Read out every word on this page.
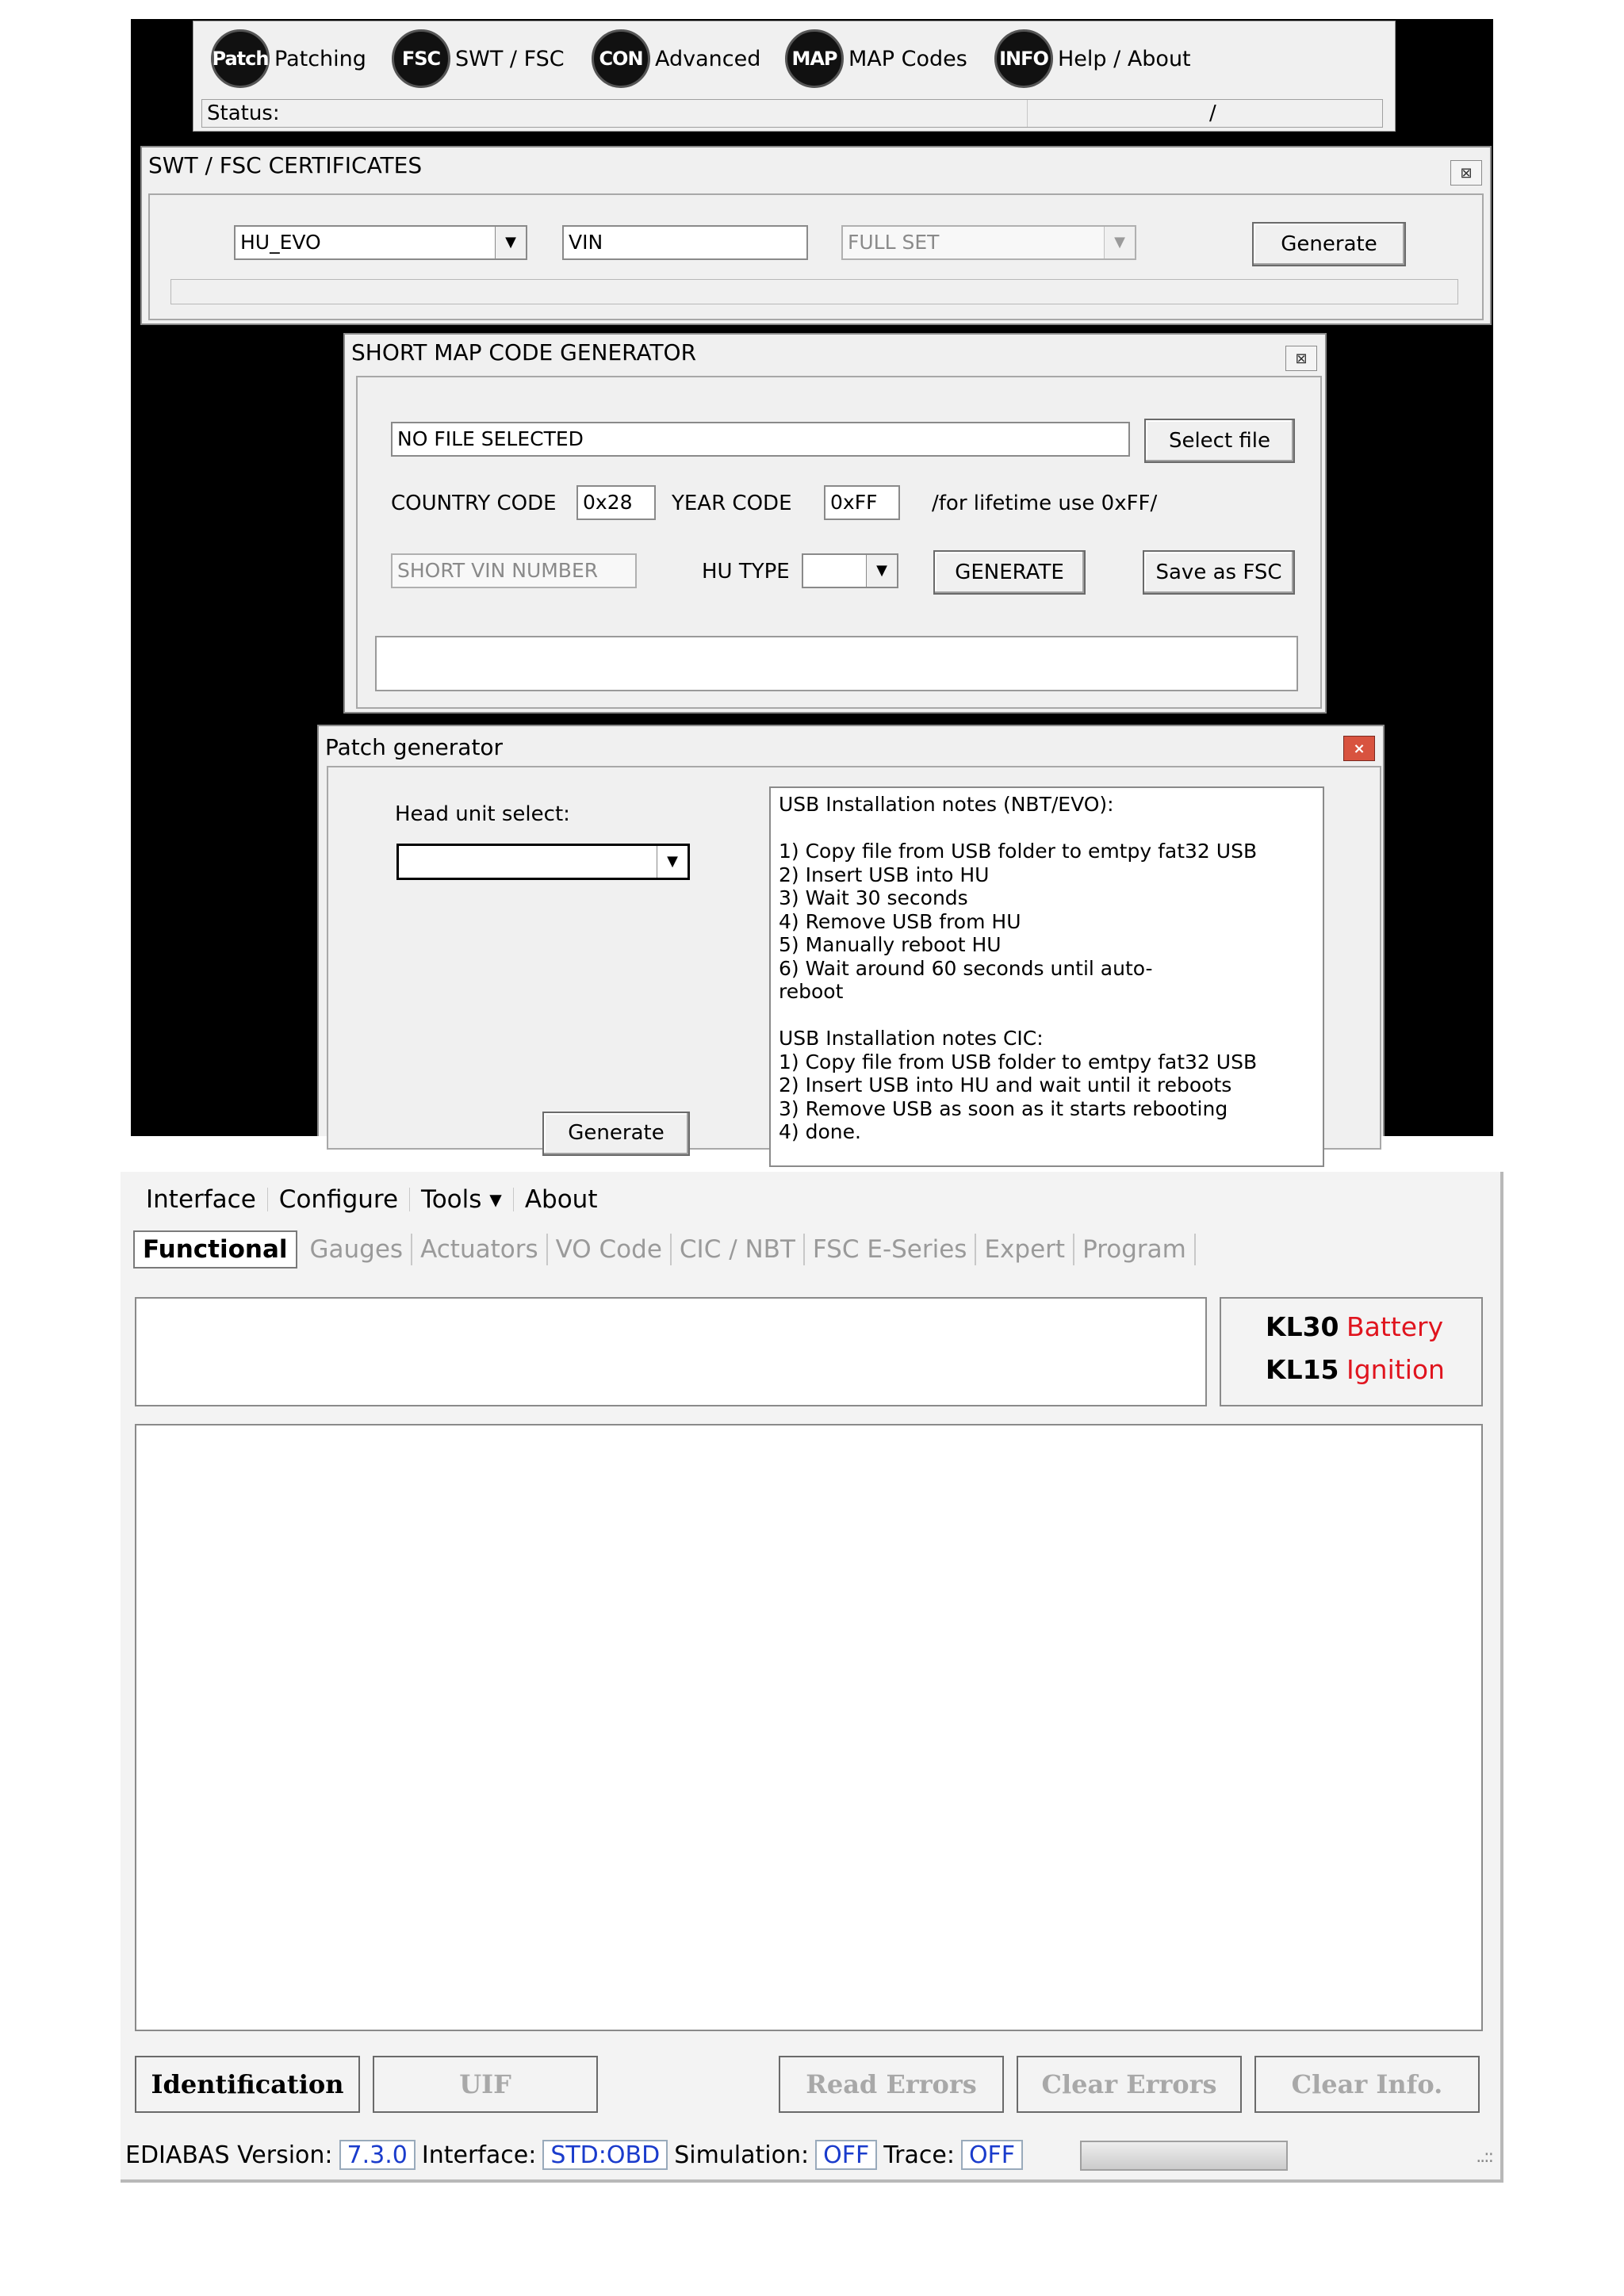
Patch Patching	FSC SWT / FSC	CON Advanced	MAP MAP Codes INFO Help / About
Status:	/
SWT / FSC CERTIFICATES	⊠
HU_EVO	▼	VIN	FULL SET	▼	Generate
SHORT MAP CODE GENERATOR	⊠
NO FILE SELECTED	Select file
COUNTRY CODE	0x28	YEAR CODE	0xFF	/for lifetime use 0xFF/
SHORT VIN NUMBER	HU TYPE	▼	GENERATE	Save as FSC
Patch generator	×
Head unit select:
▼
Generate
USB Installation notes (NBT/EVO):

1) Copy file from USB folder to emtpy fat32 USB
2) Insert USB into HU
3) Wait 30 seconds
4) Remove USB from HU
5) Manually reboot HU
6) Wait around 60 seconds until auto-
reboot

USB Installation notes CIC:
1) Copy file from USB folder to emtpy fat32 USB
2) Insert USB into HU and wait until it reboots
3) Remove USB as soon as it starts rebooting
4) done.
Interface Configure Tools ▾ About
Functional Gauges Actuators VO Code CIC / NBT FSC E-Series Expert Program
KL30 Battery
KL15 Ignition
Identification	UIF	Read Errors	Clear Errors	Clear Info.
EDIABAS Version: 7.3.0 Interface: STD:OBD Simulation: OFF Trace: OFF	..::
